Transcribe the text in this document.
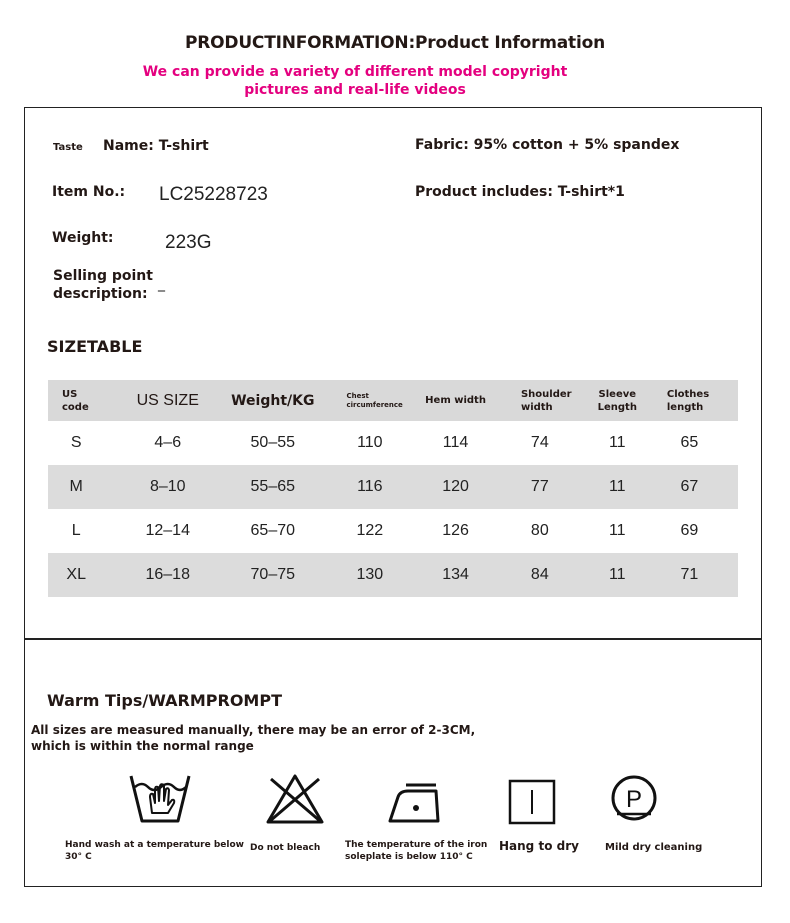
PRODUCTINFORMATION:Product Information
We can provide a variety of different model copyright
pictures and real-life videos
Taste Name: T-shirt	Fabric: 95% cotton + 5% spandex
Item No.: LC25228723	Product includes: T-shirt*1
Weight:	223G
Selling point
description:
_
SIZETABLE
US code	US SIZE	Weight/KG	Chest circumference	Hem width	Shoulder width	Sleeve Length	Clothes length
S	4–6	50–55	110	114	74	11	65
M	8–10	55–65	116	120	77	11	67
L	12–14	65–70	122	126	80	11	69
XL	16–18	70–75	130	134	84	11	71
Warm Tips/WARMPROMPT
All sizes are measured manually, there may be an error of 2-3CM,
which is within the normal range
P
Hand wash at a temperature below
30° C
Do not bleach	The temperature of the iron
soleplate is below 110° C
Hang to dry	Mild dry cleaning
